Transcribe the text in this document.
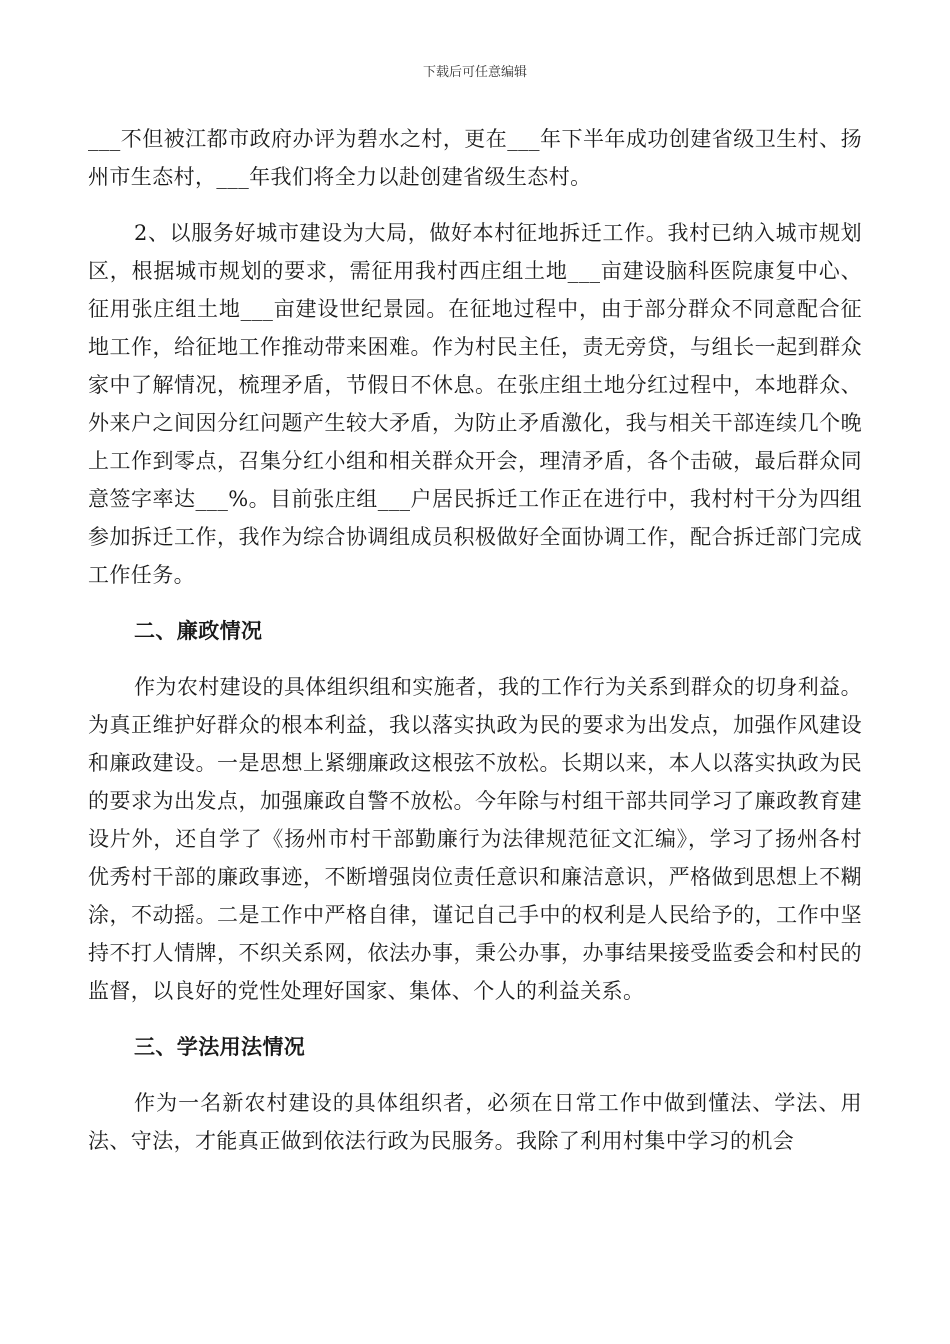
下载后可任意编辑

___不但被江都市政府办评为碧水之村，更在___年下半年成功创建省级卫生村、扬州市生态村，___年我们将全力以赴创建省级生态村。

2、以服务好城市建设为大局，做好本村征地拆迁工作。我村已纳入城市规划区，根据城市规划的要求，需征用我村西庄组土地___亩建设脑科医院康复中心、征用张庄组土地___亩建设世纪景园。在征地过程中，由于部分群众不同意配合征地工作，给征地工作推动带来困难。作为村民主任，责无旁贷，与组长一起到群众家中了解情况，梳理矛盾，节假日不休息。在张庄组土地分红过程中，本地群众、外来户之间因分红问题产生较大矛盾，为防止矛盾激化，我与相关干部连续几个晚上工作到零点，召集分红小组和相关群众开会，理清矛盾，各个击破，最后群众同意签字率达___%。目前张庄组___户居民拆迁工作正在进行中，我村村干分为四组参加拆迁工作，我作为综合协调组成员积极做好全面协调工作，配合拆迁部门完成工作任务。

二、廉政情况

作为农村建设的具体组织组和实施者，我的工作行为关系到群众的切身利益。为真正维护好群众的根本利益，我以落实执政为民的要求为出发点，加强作风建设和廉政建设。一是思想上紧绷廉政这根弦不放松。长期以来，本人以落实执政为民的要求为出发点，加强廉政自警不放松。今年除与村组干部共同学习了廉政教育建设片外，还自学了《扬州市村干部勤廉行为法律规范征文汇编》，学习了扬州各村优秀村干部的廉政事迹，不断增强岗位责任意识和廉洁意识，严格做到思想上不糊涂，不动摇。二是工作中严格自律，谨记自己手中的权利是人民给予的，工作中坚持不打人情牌，不织关系网，依法办事，秉公办事，办事结果接受监委会和村民的监督，以良好的党性处理好国家、集体、个人的利益关系。

三、学法用法情况

作为一名新农村建设的具体组织者，必须在日常工作中做到懂法、学法、用法、守法，才能真正做到依法行政为民服务。我除了利用村集中学习的机会
